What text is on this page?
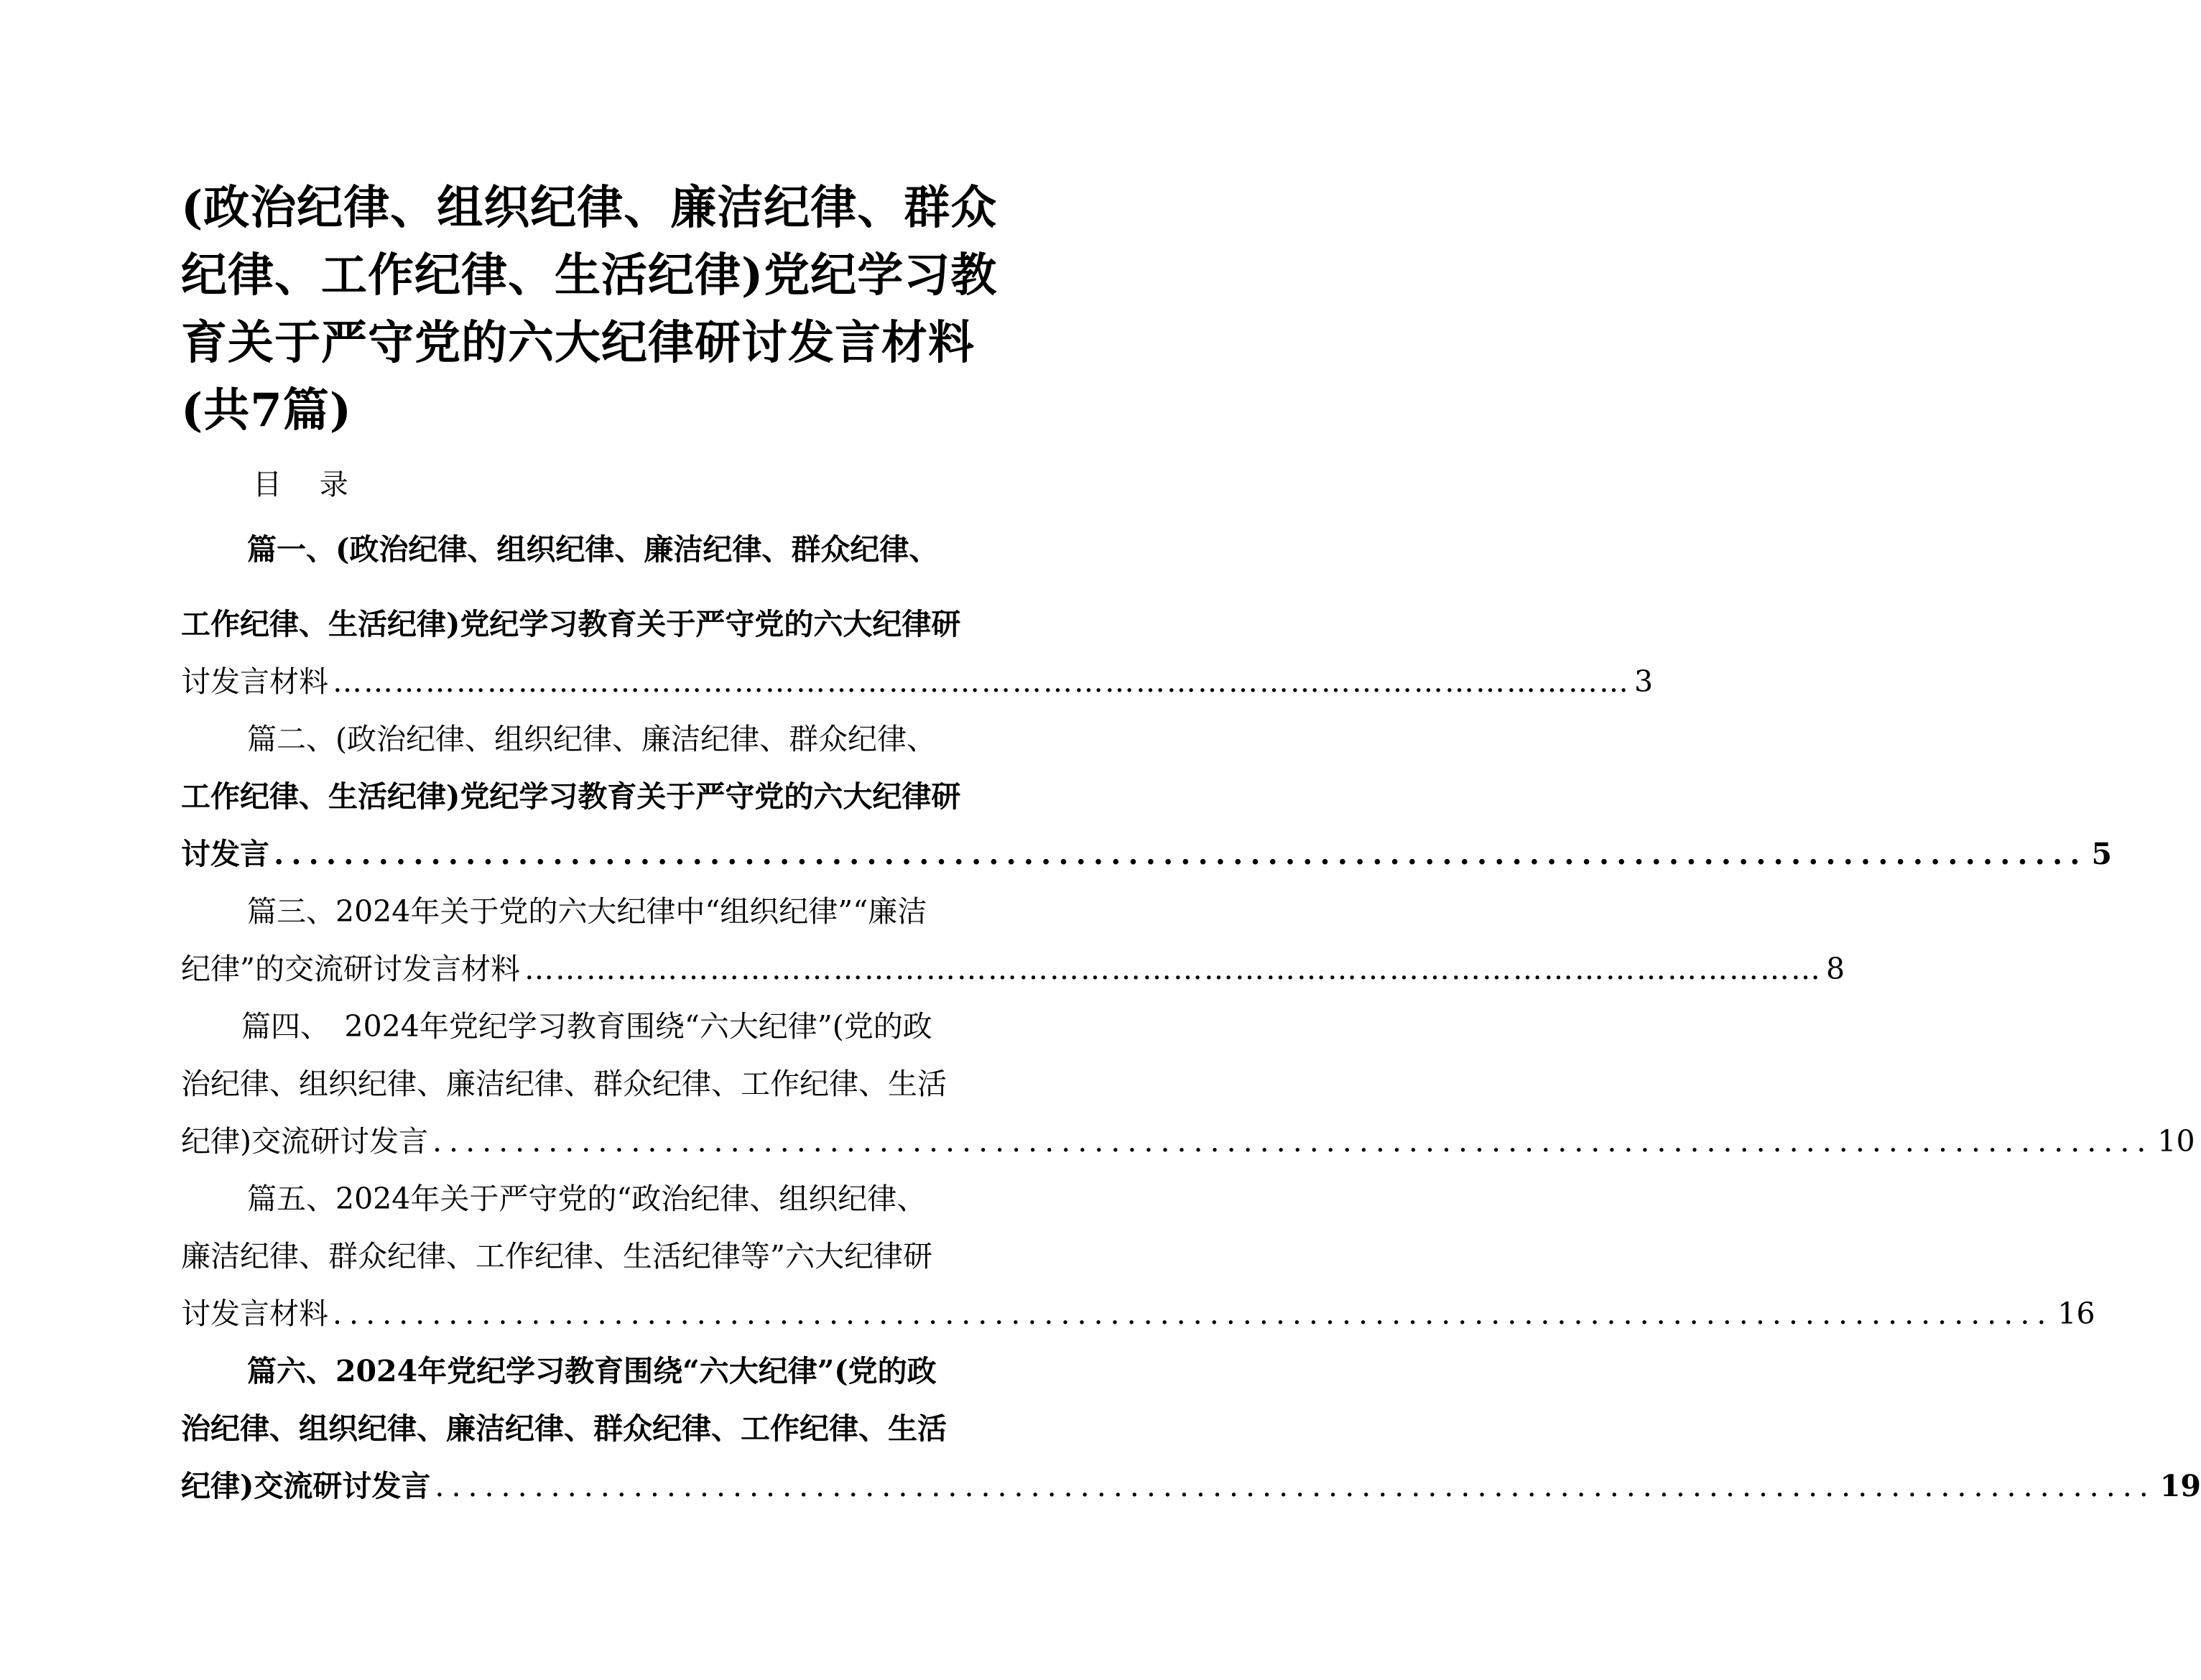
(政治纪律、组织纪律、廉洁纪律、群众纪律、工作纪律、生活纪律)党纪学习教育关于严守党的六大纪律研讨发言材料(共7篇)
目　 录
篇一、(政治纪律、组织纪律、廉洁纪律、群众纪律、
工作纪律、生活纪律)党纪学习教育关于严守党的六大纪律研
讨发言材料 ……………………………………………………………………………………………………………… 3
篇二、(政治纪律、组织纪律、廉洁纪律、群众纪律、
工作纪律、生活纪律)党纪学习教育关于严守党的六大纪律研
讨发言 ........................................................................................................ 5
篇三、2024年关于党的六大纪律中“组织纪律”“廉洁
纪律”的交流研讨发言材料 ……………………………………………………………………………………………………………… 8
篇四、　2024年党纪学习教育围绕“六大纪律”(党的政
治纪律、组织纪律、廉洁纪律、群众纪律、工作纪律、生活
纪律)交流研讨发言 ........................................................................................................ 10
篇五、2024年关于严守党的“政治纪律、组织纪律、
廉洁纪律、群众纪律、工作纪律、生活纪律等”六大纪律研
讨发言材料 ........................................................................................................ 16
篇六、2024年党纪学习教育围绕“六大纪律”(党的政
治纪律、组织纪律、廉洁纪律、群众纪律、工作纪律、生活
纪律)交流研讨发言 ........................................................................................................ 19
